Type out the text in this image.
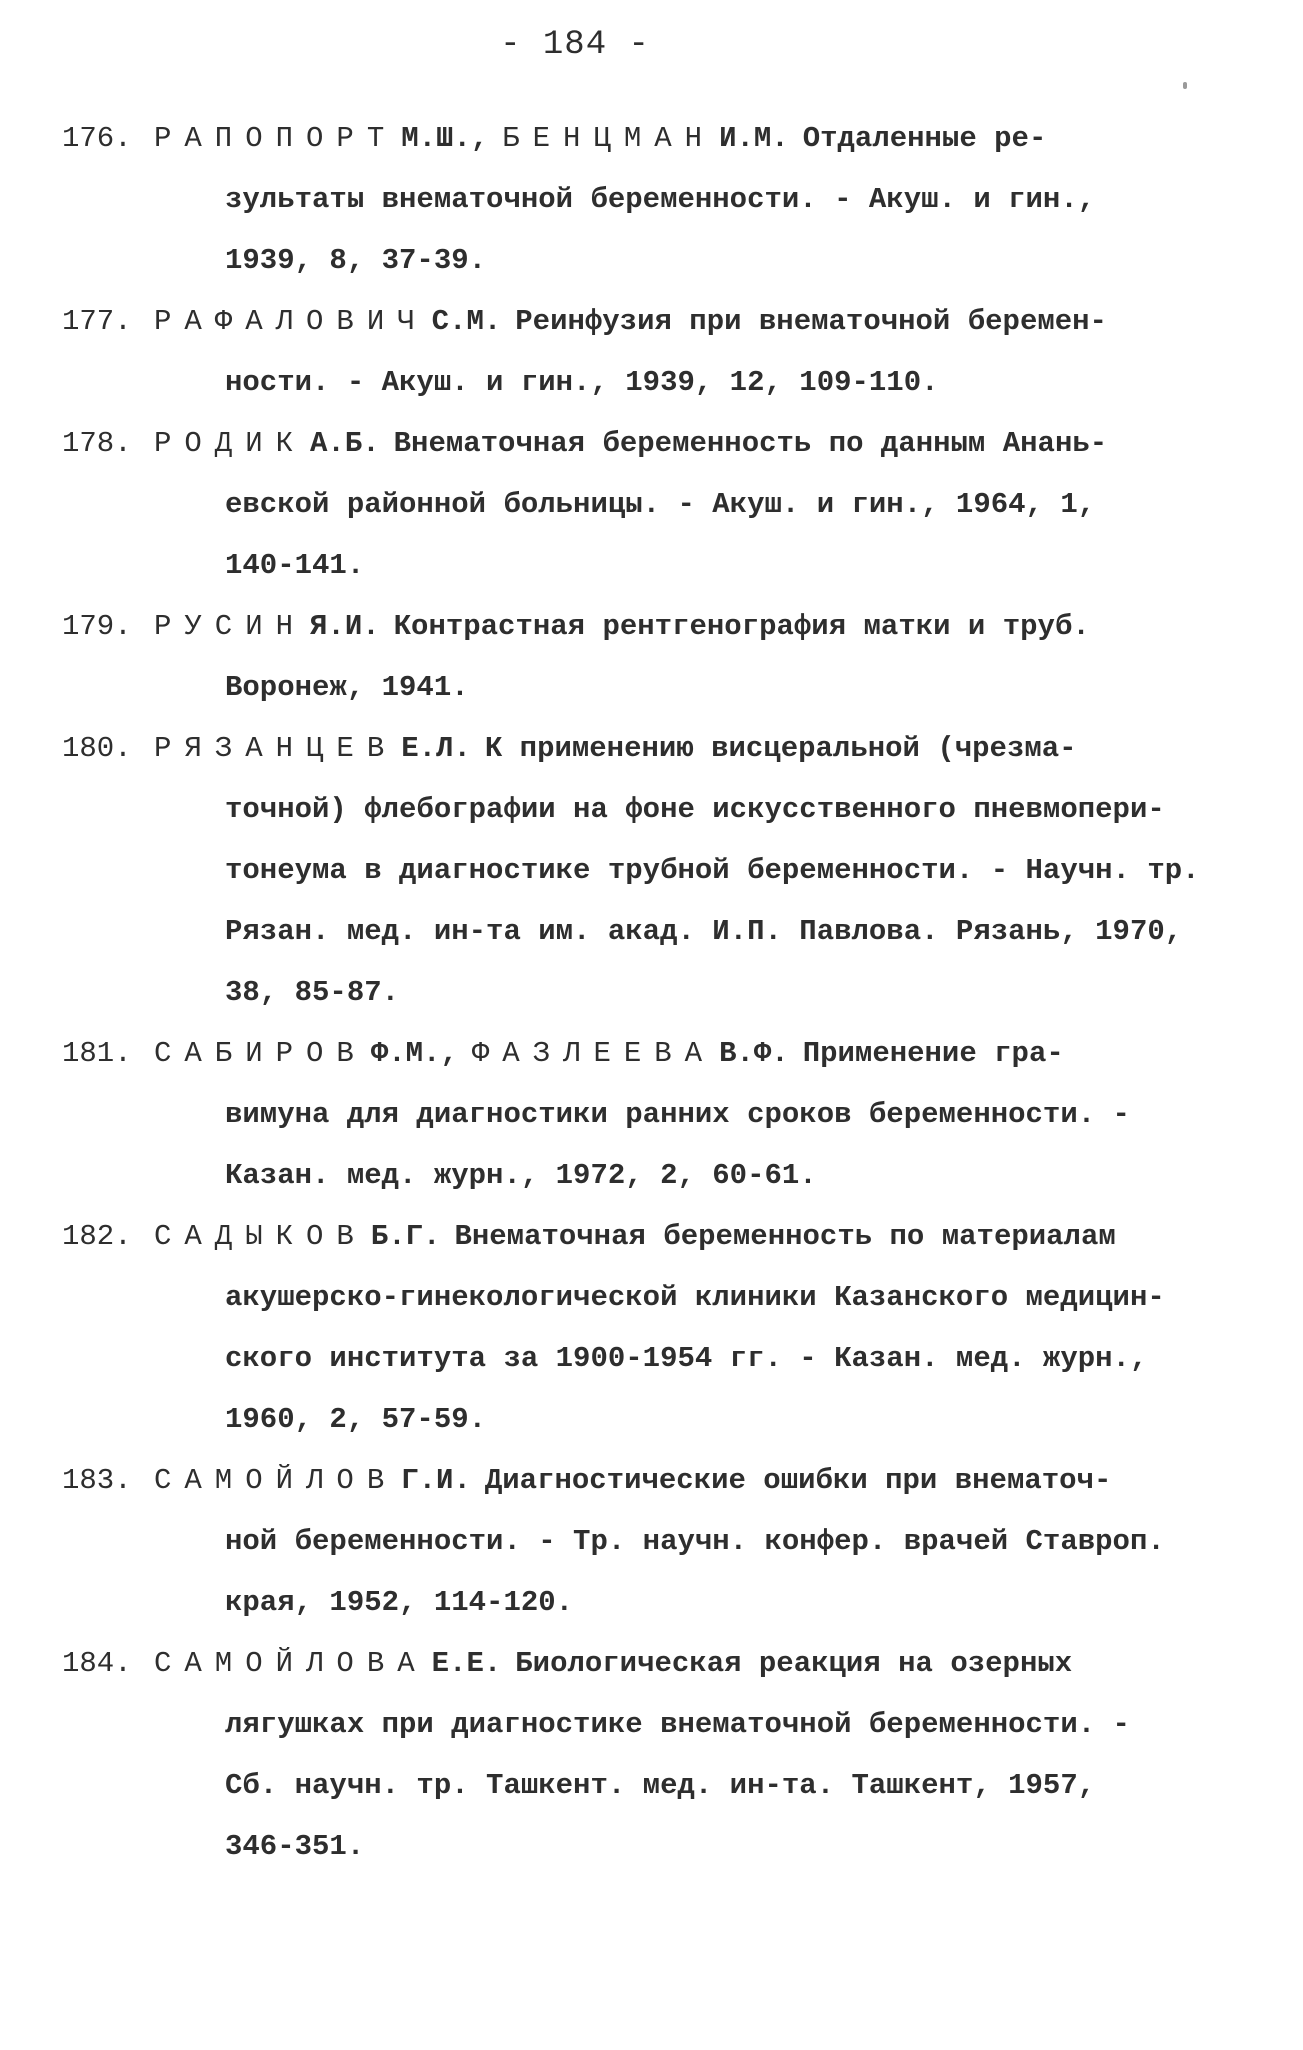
- 184 -
176. РАПОПОРТ М.Ш., БЕНЦМАН И.М. Отдаленные ре-
зультаты внематочной беременности. - Акуш. и гин.,
1939, 8, 37-39.
177. РАФАЛОВИЧ С.М. Реинфузия при внематочной беремен-
ности. - Акуш. и гин., 1939, 12, 109-110.
178. РОДИК А.Б. Внематочная беременность по данным Анань-
евской районной больницы. - Акуш. и гин., 1964, 1,
140-141.
179. РУСИН Я.И. Контрастная рентгенография матки и труб.
Воронеж, 1941.
180. РЯЗАНЦЕВ Е.Л. К применению висцеральной (чрезма-
точной) флебографии на фоне искусственного пневмопери-
тонеума в диагностике трубной беременности. - Научн. тр.
Рязан. мед. ин-та им. акад. И.П. Павлова. Рязань, 1970,
38, 85-87.
181. САБИРОВ Ф.М., ФАЗЛЕЕВА В.Ф. Применение гра-
вимуна для диагностики ранних сроков беременности. -
Казан. мед. журн., 1972, 2, 60-61.
182. САДЫКОВ Б.Г. Внематочная беременность по материалам
акушерско-гинекологической клиники Казанского медицин-
ского института за 1900-1954 гг. - Казан. мед. журн.,
1960, 2, 57-59.
183. САМОЙЛОВ Г.И. Диагностические ошибки при внематоч-
ной беременности. - Тр. научн. конфер. врачей Ставроп.
края, 1952, 114-120.
184. САМОЙЛОВА Е.Е. Биологическая реакция на озерных
лягушках при диагностике внематочной беременности. -
Сб. научн. тр. Ташкент. мед. ин-та. Ташкент, 1957,
346-351.
